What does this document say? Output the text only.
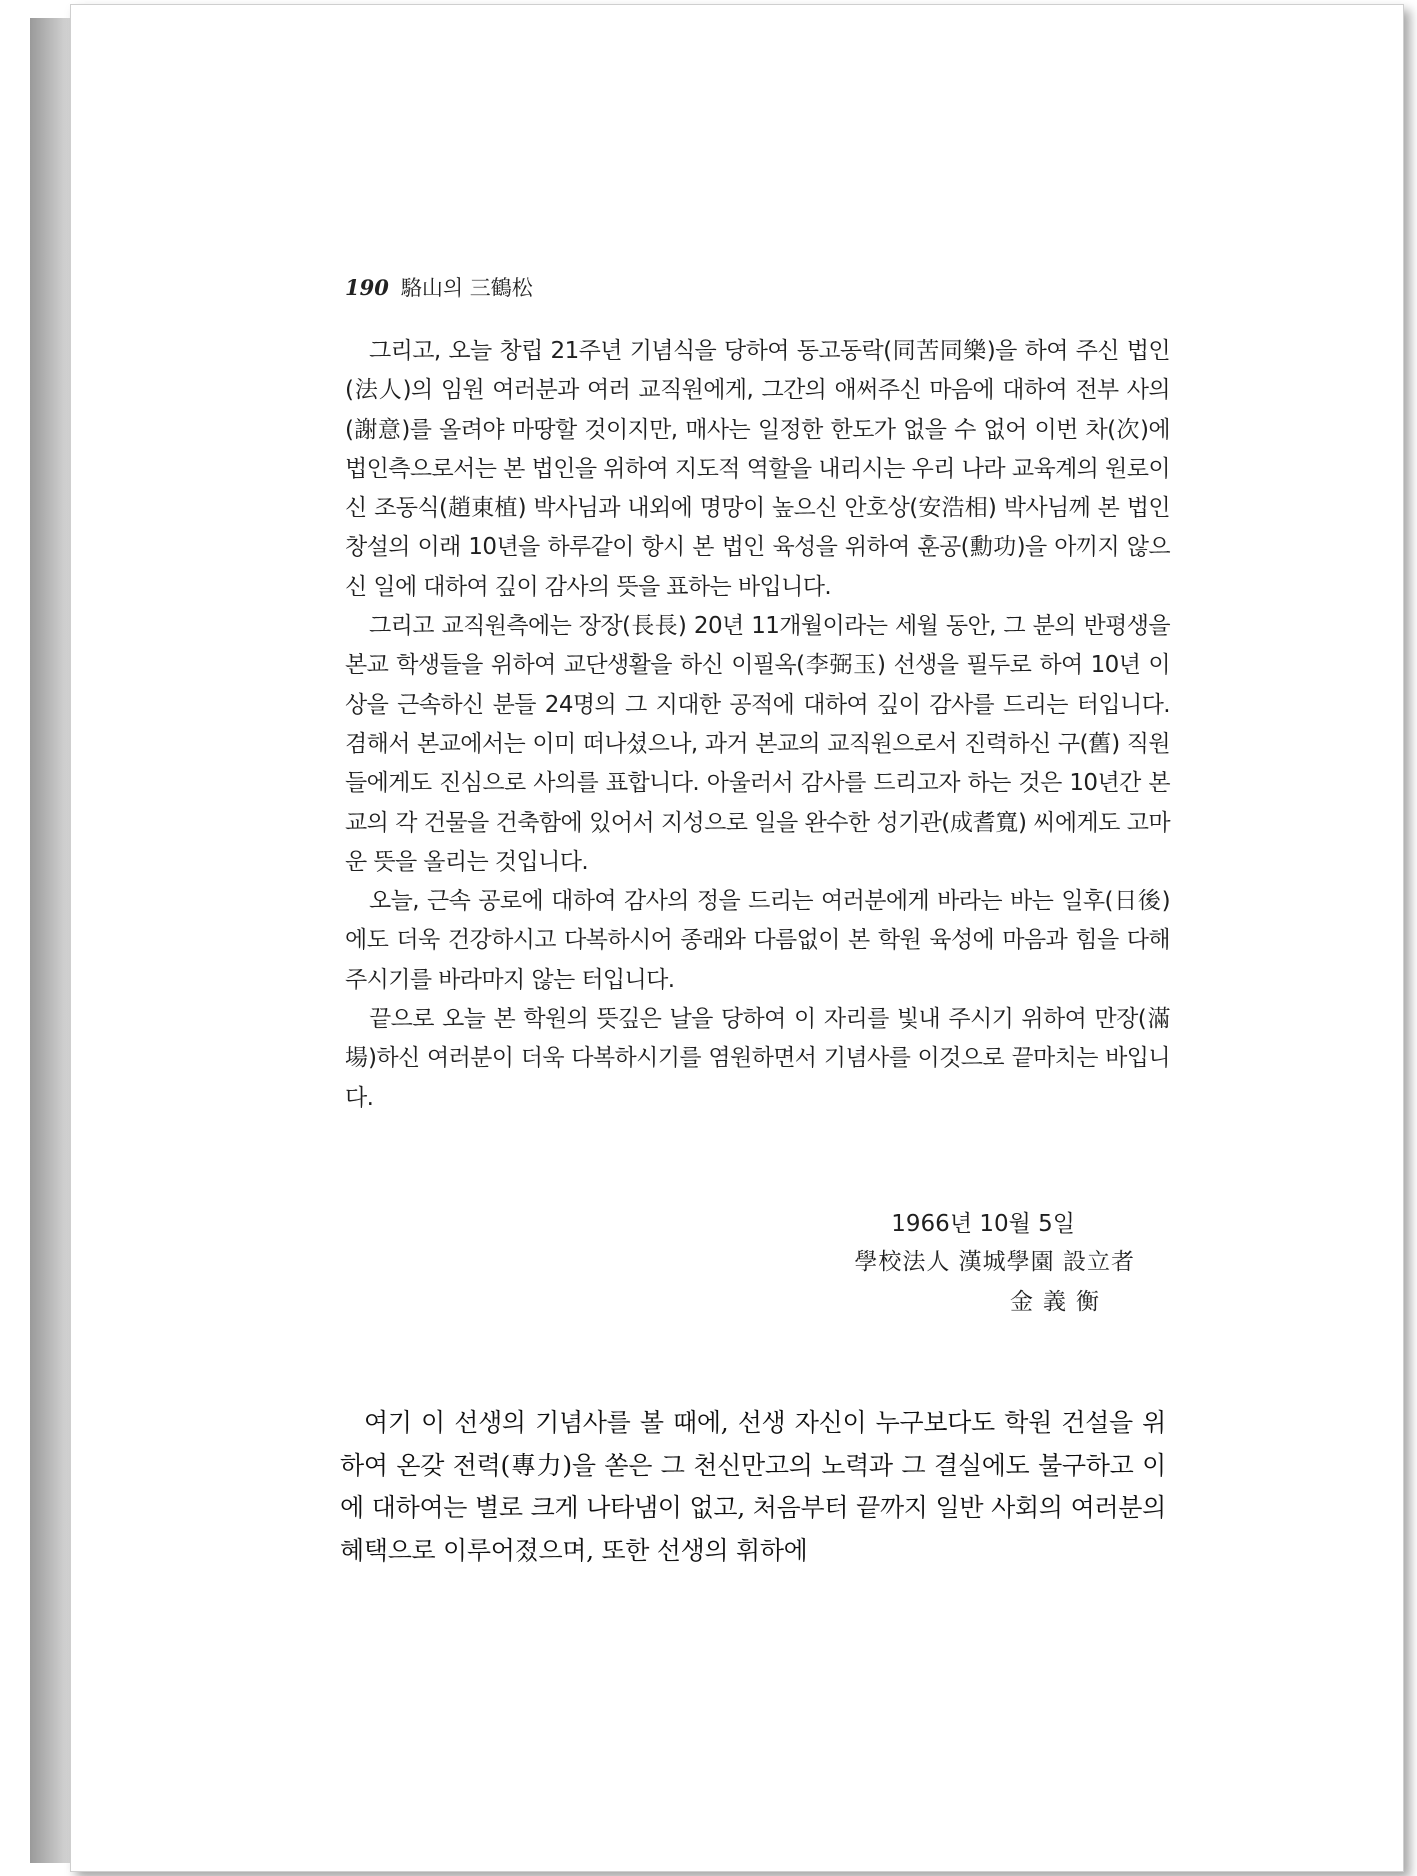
190 駱山의 三鶴松

그리고, 오늘 창립 21주년 기념식을 당하여 동고동락(同苦同樂)을 하여 주신 법인(法人)의 임원 여러분과 여러 교직원에게, 그간의 애써주신 마음에 대하여 전부 사의(謝意)를 올려야 마땅할 것이지만, 매사는 일정한 한도가 없을 수 없어 이번 차(次)에 법인측으로서는 본 법인을 위하여 지도적 역할을 내리시는 우리 나라 교육계의 원로이신 조동식(趙東植) 박사님과 내외에 명망이 높으신 안호상(安浩相) 박사님께 본 법인 창설의 이래 10년을 하루같이 항시 본 법인 육성을 위하여 훈공(勳功)을 아끼지 않으신 일에 대하여 깊이 감사의 뜻을 표하는 바입니다.

그리고 교직원측에는 장장(長長) 20년 11개월이라는 세월 동안, 그 분의 반평생을 본교 학생들을 위하여 교단생활을 하신 이필옥(李弼玉) 선생을 필두로 하여 10년 이상을 근속하신 분들 24명의 그 지대한 공적에 대하여 깊이 감사를 드리는 터입니다. 겸해서 본교에서는 이미 떠나셨으나, 과거 본교의 교직원으로서 진력하신 구(舊) 직원들에게도 진심으로 사의를 표합니다. 아울러서 감사를 드리고자 하는 것은 10년간 본교의 각 건물을 건축함에 있어서 지성으로 일을 완수한 성기관(成耆寬) 씨에게도 고마운 뜻을 올리는 것입니다.

오늘, 근속 공로에 대하여 감사의 정을 드리는 여러분에게 바라는 바는 일후(日後)에도 더욱 건강하시고 다복하시어 종래와 다름없이 본 학원 육성에 마음과 힘을 다해 주시기를 바라마지 않는 터입니다.

끝으로 오늘 본 학원의 뜻깊은 날을 당하여 이 자리를 빛내 주시기 위하여 만장(滿場)하신 여러분이 더욱 다복하시기를 염원하면서 기념사를 이것으로 끝마치는 바입니다.

1966년 10월 5일
學校法人 漢城學園 設立者
金義衡

여기 이 선생의 기념사를 볼 때에, 선생 자신이 누구보다도 학원 건설을 위하여 온갖 전력(專力)을 쏟은 그 천신만고의 노력과 그 결실에도 불구하고 이에 대하여는 별로 크게 나타냄이 없고, 처음부터 끝까지 일반 사회의 여러분의 혜택으로 이루어졌으며, 또한 선생의 휘하에
